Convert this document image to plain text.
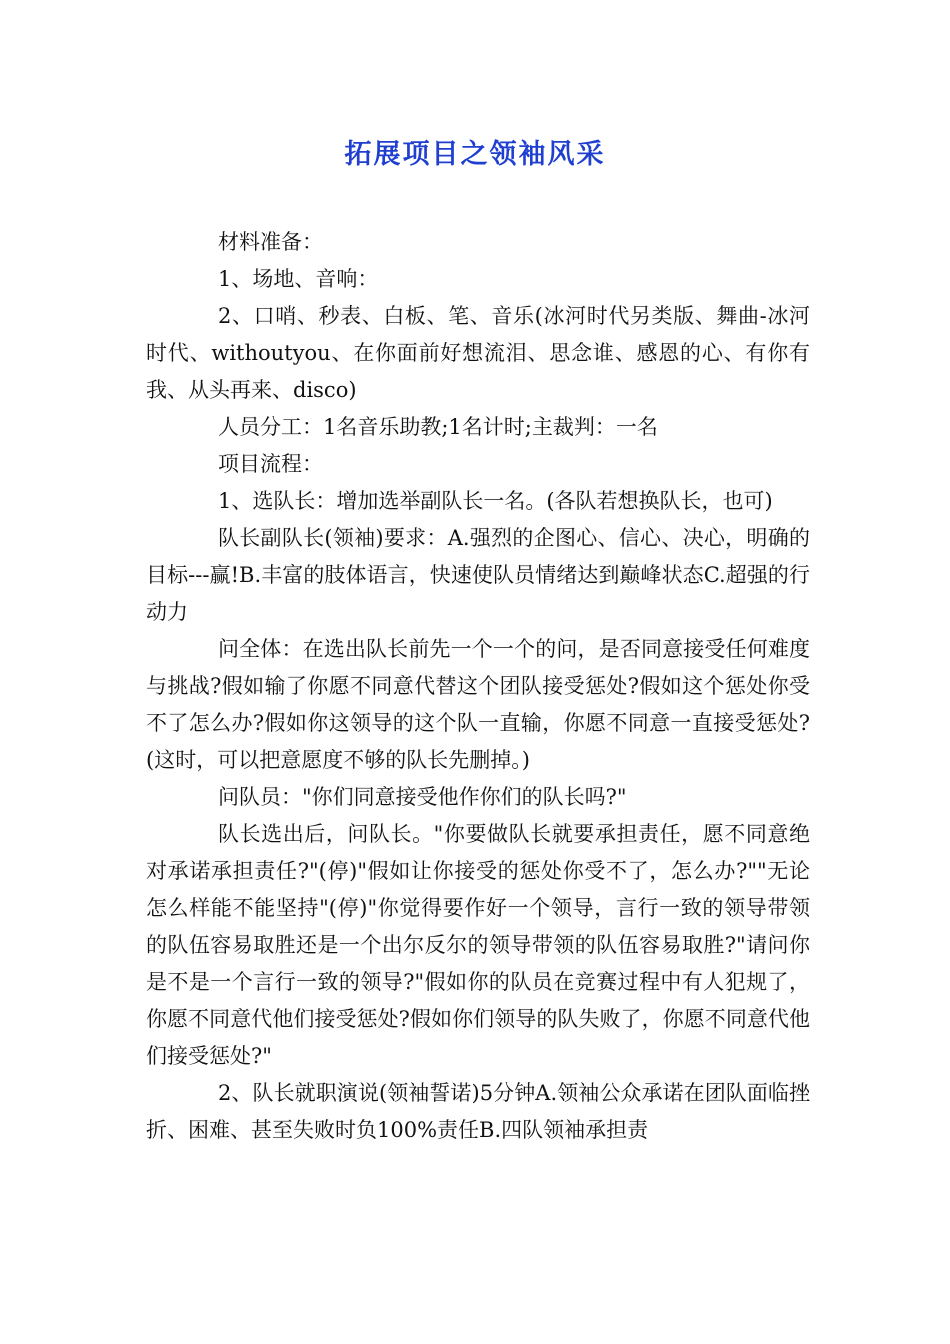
拓展项目之领袖风采

材料准备：

1、场地、音响：

2、口哨、秒表、白板、笔、音乐(冰河时代另类版、舞曲-冰河时代、withoutyou、在你面前好想流泪、思念谁、感恩的心、有你有我、从头再来、disco)

人员分工：1名音乐助教;1名计时;主裁判：一名

项目流程：

1、选队长：增加选举副队长一名。(各队若想换队长，也可)

队长副队长(领袖)要求：A.强烈的企图心、信心、决心，明确的目标---赢!B.丰富的肢体语言，快速使队员情绪达到巅峰状态C.超强的行动力

问全体：在选出队长前先一个一个的问，是否同意接受任何难度与挑战?假如输了你愿不同意代替这个团队接受惩处?假如这个惩处你受不了怎么办?假如你这领导的这个队一直输，你愿不同意一直接受惩处?(这时，可以把意愿度不够的队长先删掉。)

问队员："你们同意接受他作你们的队长吗?"

队长选出后，问队长。"你要做队长就要承担责任，愿不同意绝对承诺承担责任?"(停)"假如让你接受的惩处你受不了，怎么办?""无论怎么样能不能坚持"(停)"你觉得要作好一个领导，言行一致的领导带领的队伍容易取胜还是一个出尔反尔的领导带领的队伍容易取胜?"请问你是不是一个言行一致的领导?"假如你的队员在竞赛过程中有人犯规了，你愿不同意代他们接受惩处?假如你们领导的队失败了，你愿不同意代他们接受惩处?"

2、队长就职演说(领袖誓诺)5分钟A.领袖公众承诺在团队面临挫折、困难、甚至失败时负100%责任B.四队领袖承担责
